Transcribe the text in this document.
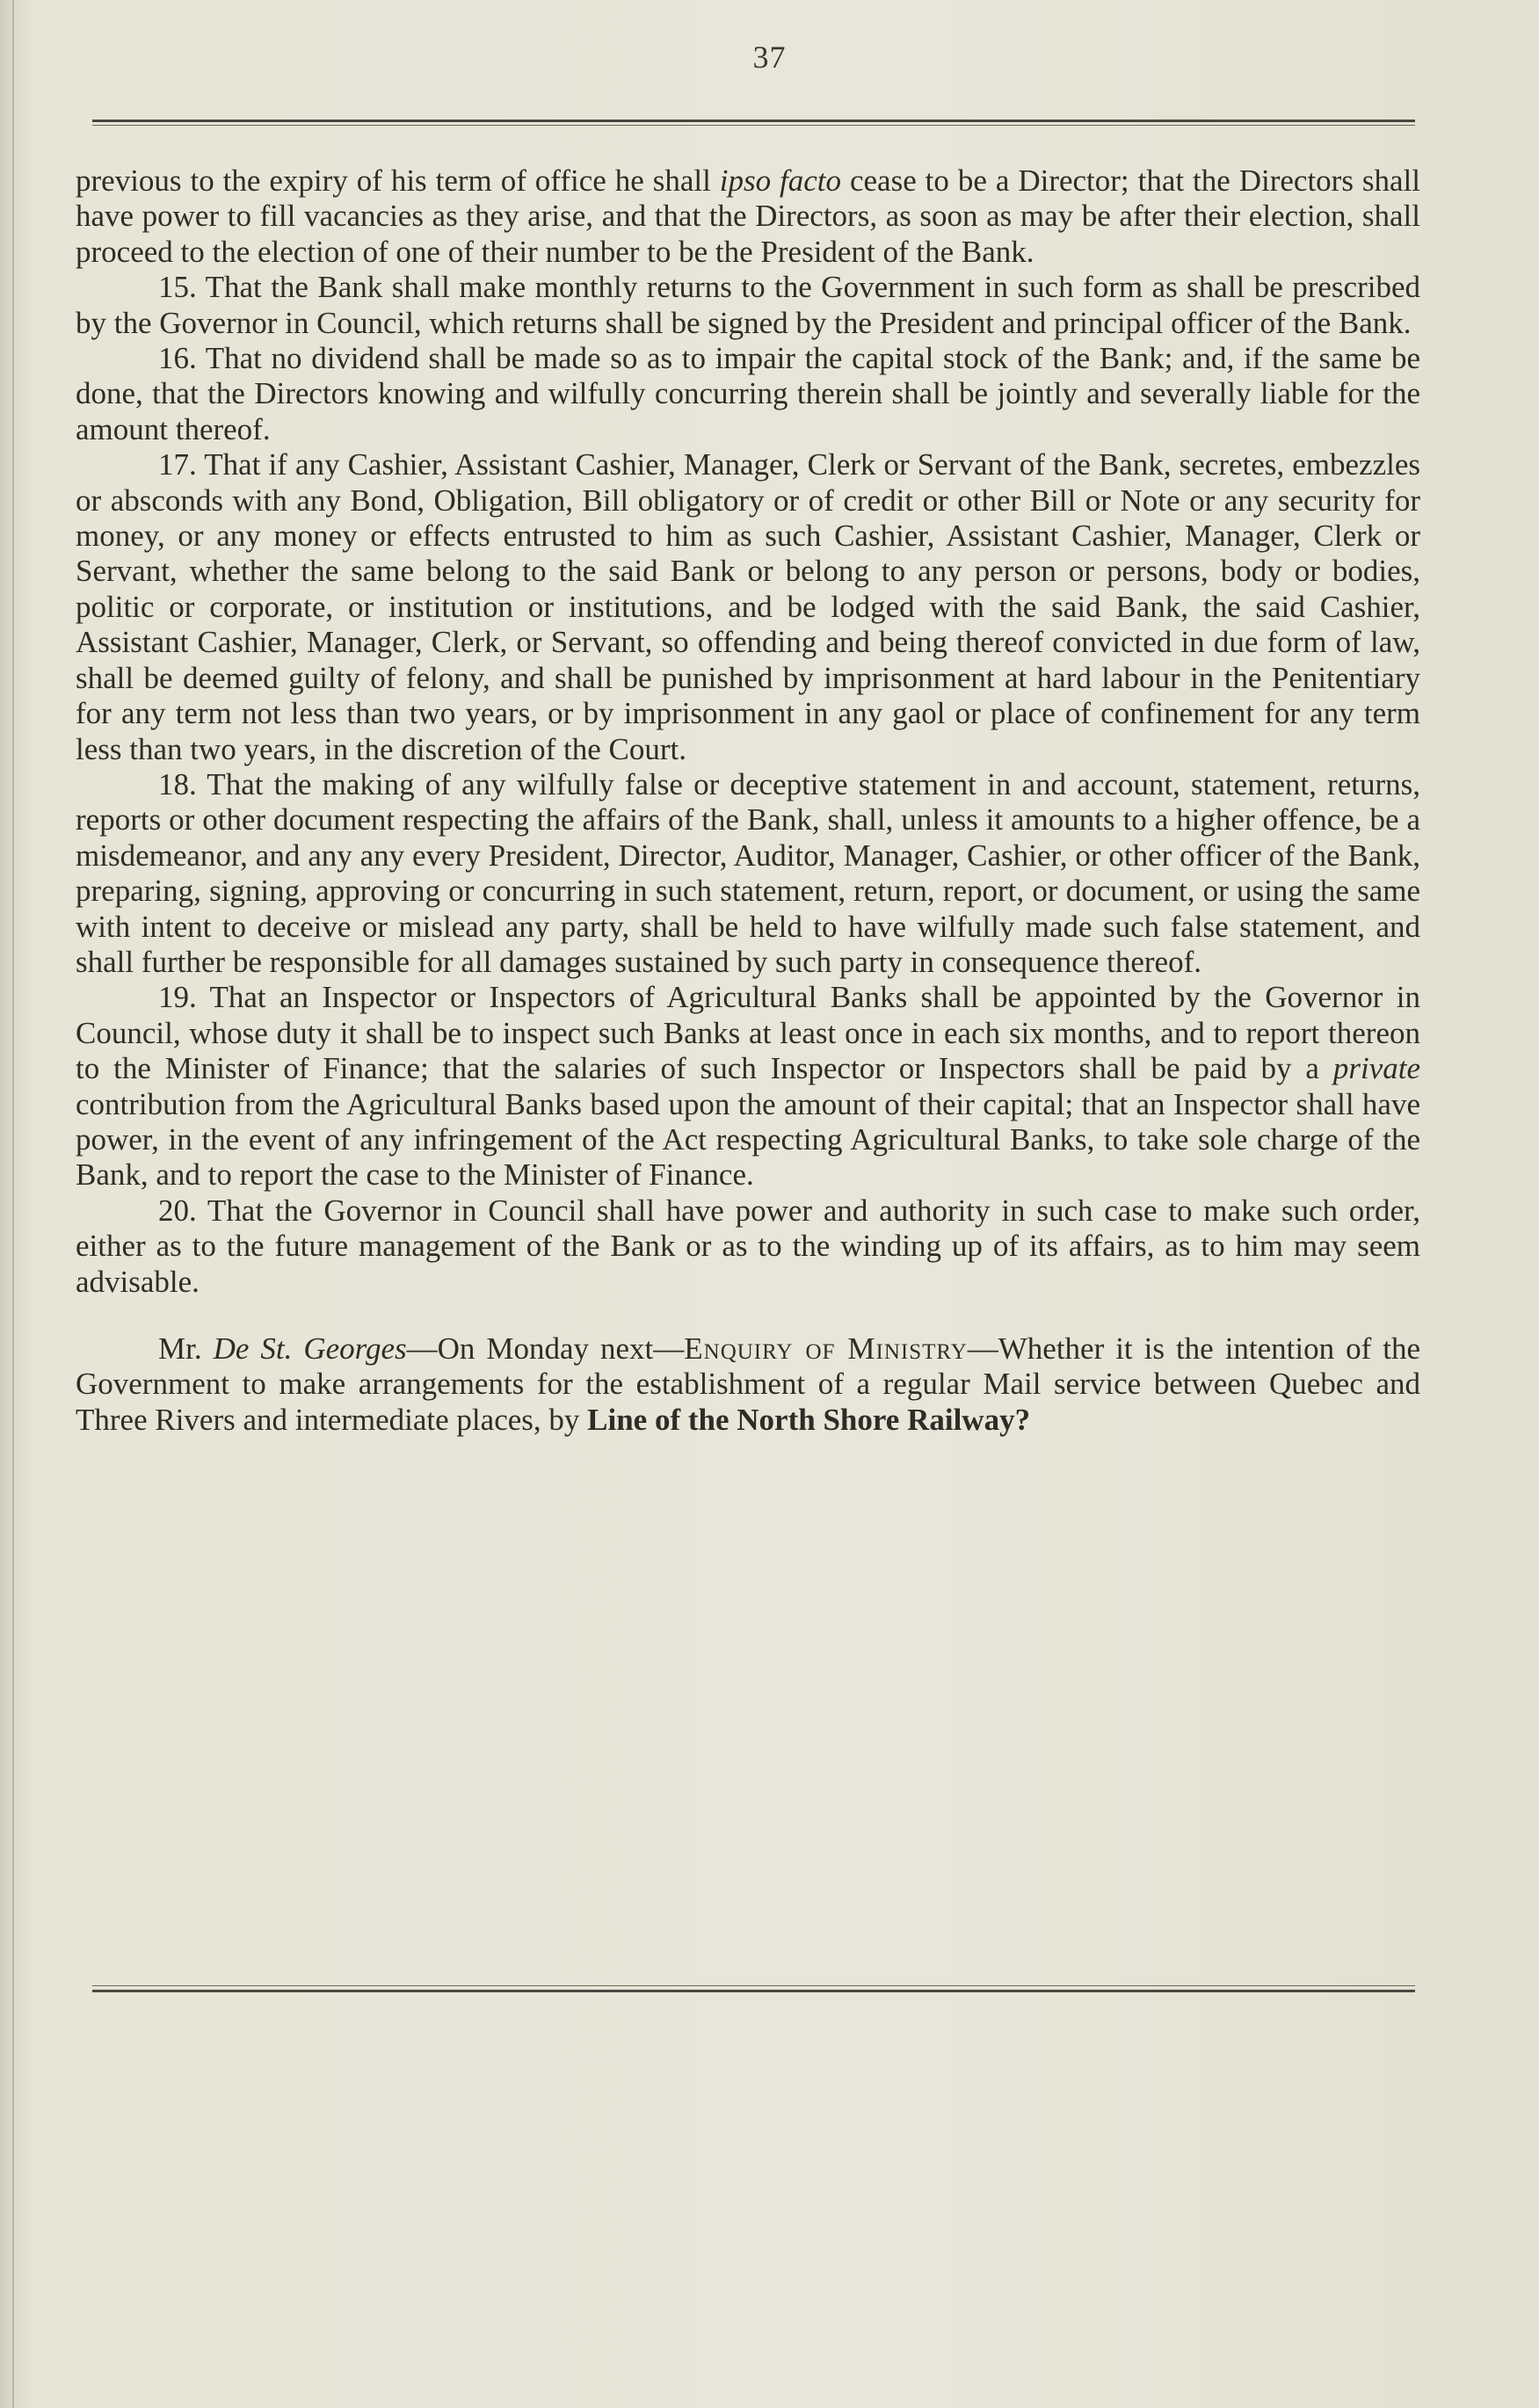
37

previous to the expiry of his term of office he shall ipso facto cease to be a Director; that the Directors shall have power to fill vacancies as they arise, and that the Directors, as soon as may be after their election, shall proceed to the election of one of their number to be the President of the Bank.

15. That the Bank shall make monthly returns to the Government in such form as shall be prescribed by the Governor in Council, which returns shall be signed by the President and principal officer of the Bank.

16. That no dividend shall be made so as to impair the capital stock of the Bank; and, if the same be done, that the Directors knowing and wilfully concurring therein shall be jointly and severally liable for the amount thereof.

17. That if any Cashier, Assistant Cashier, Manager, Clerk or Servant of the Bank, secretes, embezzles or absconds with any Bond, Obligation, Bill obligatory or of credit or other Bill or Note or any security for money, or any money or effects entrusted to him as such Cashier, Assistant Cashier, Manager, Clerk or Servant, whether the same belong to the said Bank or belong to any person or persons, body or bodies, politic or corporate, or institution or institutions, and be lodged with the said Bank, the said Cashier, Assistant Cashier, Manager, Clerk, or Servant, so offending and being thereof convicted in due form of law, shall be deemed guilty of felony, and shall be punished by imprisonment at hard labour in the Penitentiary for any term not less than two years, or by imprisonment in any gaol or place of confinement for any term less than two years, in the discretion of the Court.

18. That the making of any wilfully false or deceptive statement in and account, statement, returns, reports or other document respecting the affairs of the Bank, shall, unless it amounts to a higher offence, be a misdemeanor, and any any every President, Director, Auditor, Manager, Cashier, or other officer of the Bank, preparing, signing, approving or concurring in such statement, return, report, or document, or using the same with intent to deceive or mislead any party, shall be held to have wilfully made such false statement, and shall further be responsible for all damages sustained by such party in consequence thereof.

19. That an Inspector or Inspectors of Agricultural Banks shall be appointed by the Governor in Council, whose duty it shall be to inspect such Banks at least once in each six months, and to report thereon to the Minister of Finance; that the salaries of such Inspector or Inspectors shall be paid by a private contribution from the Agricultural Banks based upon the amount of their capital; that an Inspector shall have power, in the event of any infringement of the Act respecting Agricultural Banks, to take sole charge of the Bank, and to report the case to the Minister of Finance.

20. That the Governor in Council shall have power and authority in such case to make such order, either as to the future management of the Bank or as to the winding up of its affairs, as to him may seem advisable.

Mr. De St. Georges—On Monday next—Enquiry of Ministry—Whether it is the intention of the Government to make arrangements for the establishment of a regular Mail service between Quebec and Three Rivers and intermediate places, by Line of the North Shore Railway?
